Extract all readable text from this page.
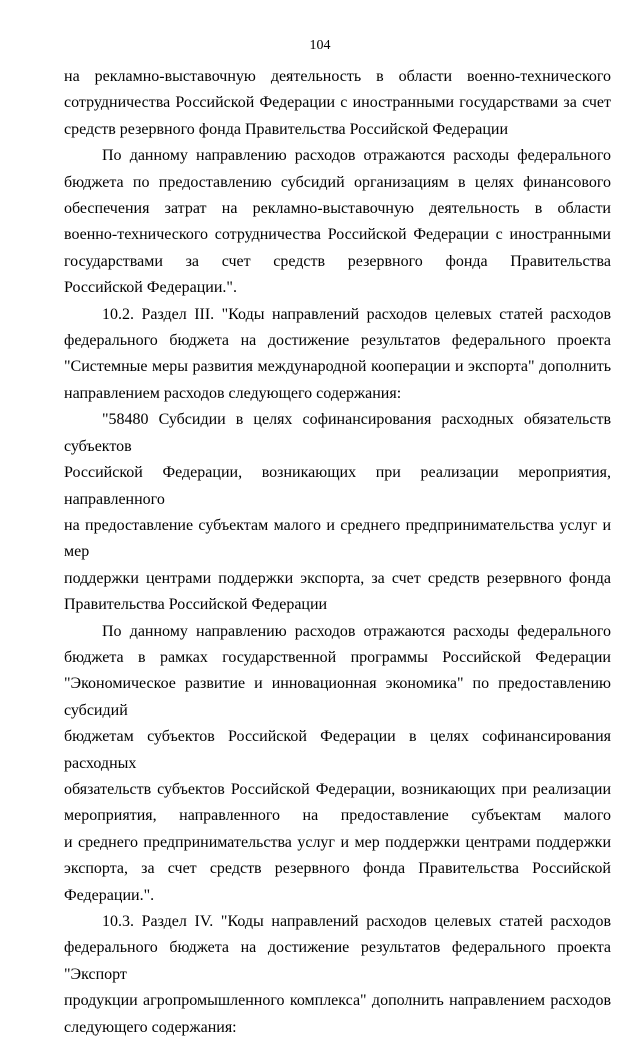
104
на рекламно-выставочную деятельность в области военно-технического
сотрудничества Российской Федерации с иностранными государствами за счет
средств резервного фонда Правительства Российской Федерации
По данному направлению расходов отражаются расходы федерального
бюджета по предоставлению субсидий организациям в целях финансового
обеспечения затрат на рекламно-выставочную деятельность в области
военно-технического сотрудничества Российской Федерации с иностранными
государствами за счет средств резервного фонда Правительства
Российской Федерации.".
10.2. Раздел III. "Коды направлений расходов целевых статей расходов
федерального бюджета на достижение результатов федерального проекта
"Системные меры развития международной кооперации и экспорта" дополнить
направлением расходов следующего содержания:
"58480 Субсидии в целях софинансирования расходных обязательств субъектов
Российской Федерации, возникающих при реализации мероприятия, направленного
на предоставление субъектам малого и среднего предпринимательства услуг и мер
поддержки центрами поддержки экспорта, за счет средств резервного фонда
Правительства Российской Федерации
По данному направлению расходов отражаются расходы федерального
бюджета в рамках государственной программы Российской Федерации
"Экономическое развитие и инновационная экономика" по предоставлению субсидий
бюджетам субъектов Российской Федерации в целях софинансирования расходных
обязательств субъектов Российской Федерации, возникающих при реализации
мероприятия, направленного на предоставление субъектам малого
и среднего предпринимательства услуг и мер поддержки центрами поддержки
экспорта, за счет средств резервного фонда Правительства Российской Федерации.".
10.3. Раздел IV. "Коды направлений расходов целевых статей расходов
федерального бюджета на достижение результатов федерального проекта "Экспорт
продукции агропромышленного комплекса" дополнить направлением расходов
следующего содержания:
